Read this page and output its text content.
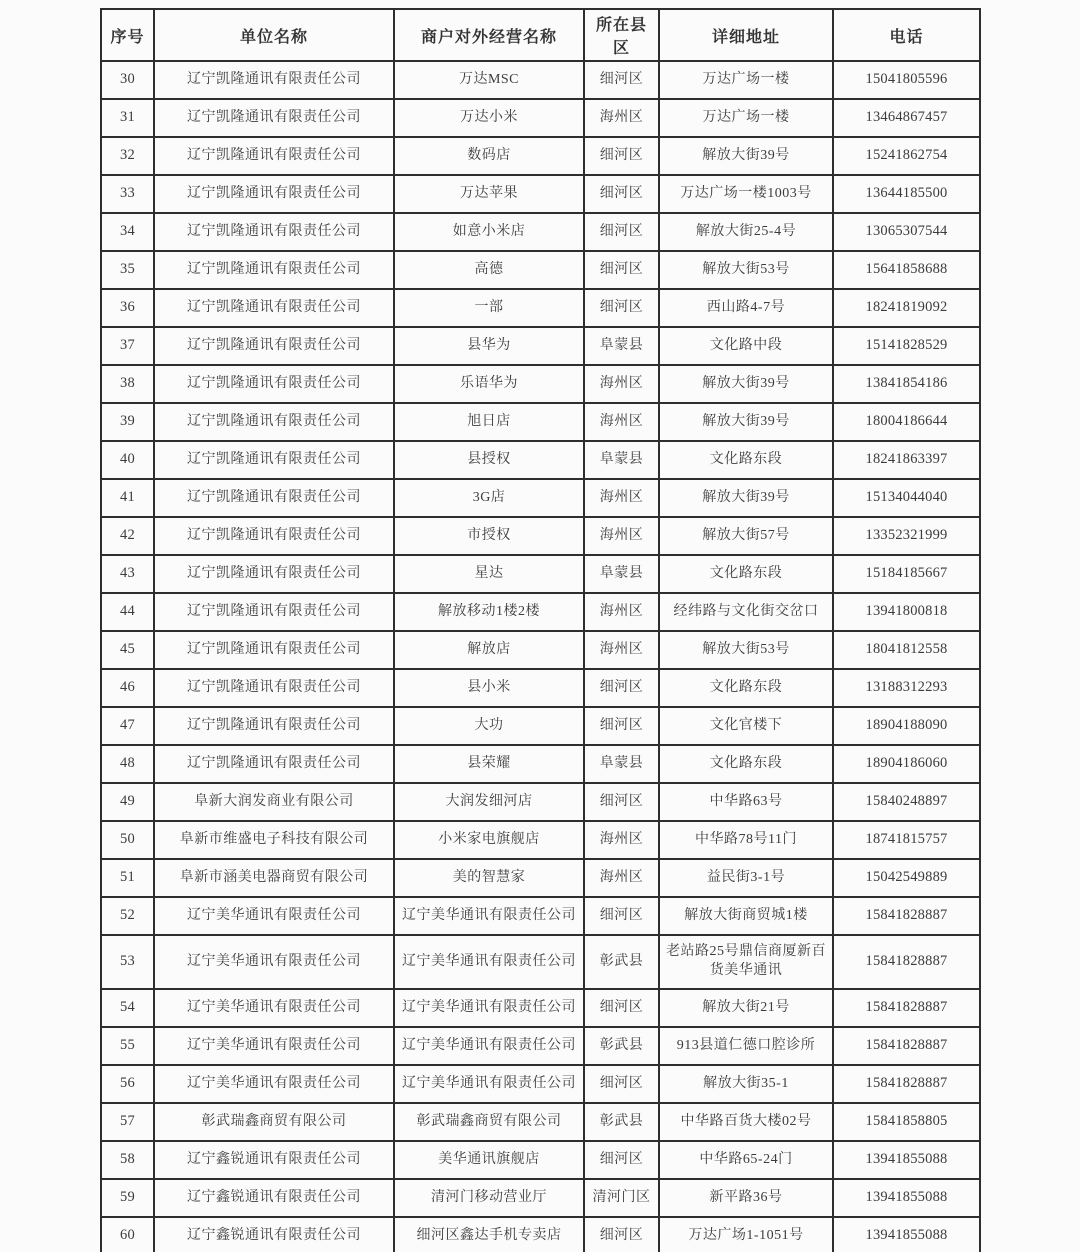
序号	单位名称	商户对外经营名称	所在县区	详细地址	电话
30	辽宁凯隆通讯有限责任公司	万达MSC	细河区	万达广场一楼	15041805596
31	辽宁凯隆通讯有限责任公司	万达小米	海州区	万达广场一楼	13464867457
32	辽宁凯隆通讯有限责任公司	数码店	细河区	解放大街39号	15241862754
33	辽宁凯隆通讯有限责任公司	万达苹果	细河区	万达广场一楼1003号	13644185500
34	辽宁凯隆通讯有限责任公司	如意小米店	细河区	解放大街25-4号	13065307544
35	辽宁凯隆通讯有限责任公司	高德	细河区	解放大街53号	15641858688
36	辽宁凯隆通讯有限责任公司	一部	细河区	西山路4-7号	18241819092
37	辽宁凯隆通讯有限责任公司	县华为	阜蒙县	文化路中段	15141828529
38	辽宁凯隆通讯有限责任公司	乐语华为	海州区	解放大街39号	13841854186
39	辽宁凯隆通讯有限责任公司	旭日店	海州区	解放大街39号	18004186644
40	辽宁凯隆通讯有限责任公司	县授权	阜蒙县	文化路东段	18241863397
41	辽宁凯隆通讯有限责任公司	3G店	海州区	解放大街39号	15134044040
42	辽宁凯隆通讯有限责任公司	市授权	海州区	解放大街57号	13352321999
43	辽宁凯隆通讯有限责任公司	星达	阜蒙县	文化路东段	15184185667
44	辽宁凯隆通讯有限责任公司	解放移动1楼2楼	海州区	经纬路与文化街交岔口	13941800818
45	辽宁凯隆通讯有限责任公司	解放店	海州区	解放大街53号	18041812558
46	辽宁凯隆通讯有限责任公司	县小米	细河区	文化路东段	13188312293
47	辽宁凯隆通讯有限责任公司	大功	细河区	文化官楼下	18904188090
48	辽宁凯隆通讯有限责任公司	县荣耀	阜蒙县	文化路东段	18904186060
49	阜新大润发商业有限公司	大润发细河店	细河区	中华路63号	15840248897
50	阜新市维盛电子科技有限公司	小米家电旗舰店	海州区	中华路78号11门	18741815757
51	阜新市涵美电器商贸有限公司	美的智慧家	海州区	益民街3-1号	15042549889
52	辽宁美华通讯有限责任公司	辽宁美华通讯有限责任公司	细河区	解放大街商贸城1楼	15841828887
53	辽宁美华通讯有限责任公司	辽宁美华通讯有限责任公司	彰武县	老站路25号鼎信商厦新百货美华通讯	15841828887
54	辽宁美华通讯有限责任公司	辽宁美华通讯有限责任公司	细河区	解放大街21号	15841828887
55	辽宁美华通讯有限责任公司	辽宁美华通讯有限责任公司	彰武县	913县道仁德口腔诊所	15841828887
56	辽宁美华通讯有限责任公司	辽宁美华通讯有限责任公司	细河区	解放大街35-1	15841828887
57	彰武瑞鑫商贸有限公司	彰武瑞鑫商贸有限公司	彰武县	中华路百货大楼02号	15841858805
58	辽宁鑫锐通讯有限责任公司	美华通讯旗舰店	细河区	中华路65-24门	13941855088
59	辽宁鑫锐通讯有限责任公司	清河门移动营业厅	清河门区	新平路36号	13941855088
60	辽宁鑫锐通讯有限责任公司	细河区鑫达手机专卖店	细河区	万达广场1-1051号	13941855088
